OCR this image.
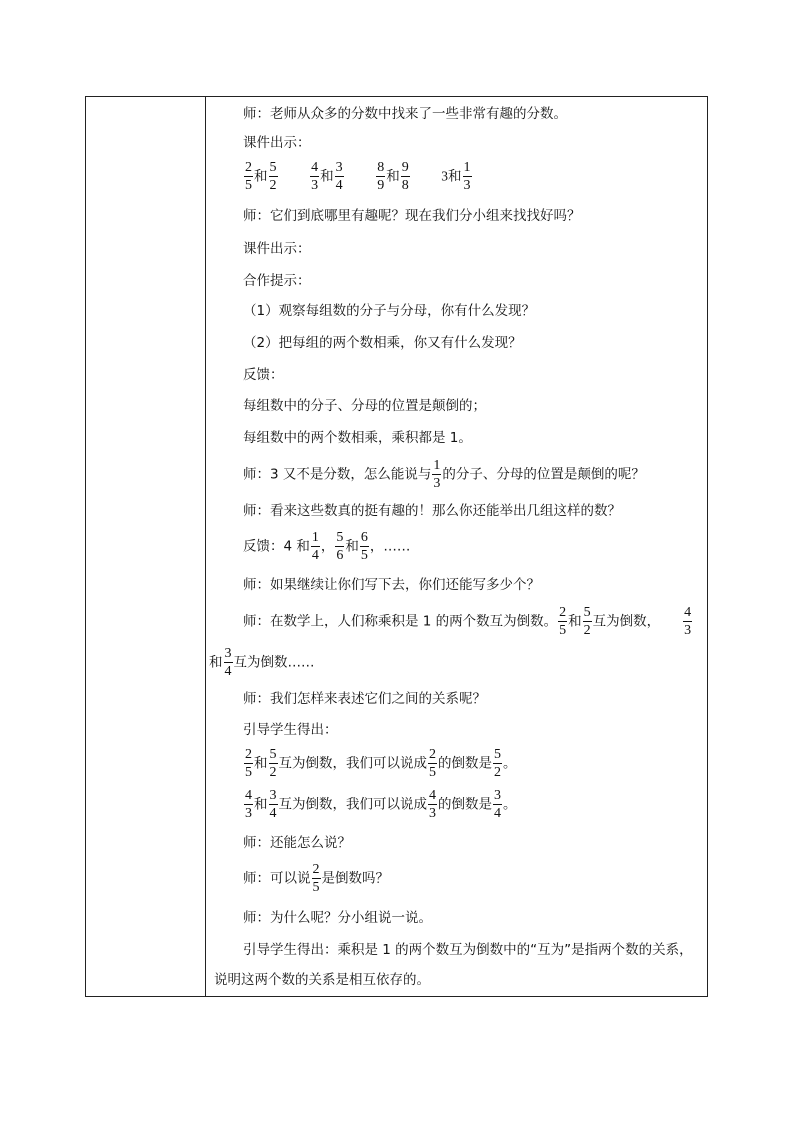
师：老师从众多的分数中找来了一些非常有趣的分数。
课件出示：
$\frac{2}{5}$ 和 $\frac{5}{2}$
$\frac{4}{3}$ 和 $\frac{3}{4}$
$\frac{8}{9}$ 和 $\frac{9}{8} 3$和 $\frac{1}{3}$
师：它们到底哪里有趣呢？现在我们分小组来找找好吗？
课件出示：
合作提示：
（1）观察每组数的分子与分母，你有什么发现？
（2）把每组的两个数相乘，你又有什么发现？
反馈：
每组数中的分子、分母的位置是颠倒的；
每组数中的两个数相乘，乘积都是 1。
师：3 又不是分数，怎么能说与 $\frac{1}{3}$ 的分子、分母的位置是颠倒的呢？
师：看来这些数真的挺有趣的！那么你还能举出几组这样的数？
反馈：4 和 $\frac{1}{4}$ ， $\frac{5}{6}$ 和 $\frac{6}{5}$ ，……
师：如果继续让你们写下去，你们还能写多少个？
师：在数学上，人们称乘积是 1 的两个数互为倒数。 $\frac{2}{5}$ 和 $\frac{5}{2}$ 互为倒数， $\frac{4}{3}$
和 $\frac{3}{4}$ 互为倒数……
师：我们怎样来表述它们之间的关系呢？
引导学生得出：
$\frac{2}{5}$ 和 $\frac{5}{2}$ 互为倒数，我们可以说成 $\frac{2}{5}$ 的倒数是 $\frac{5}{2}$ 。
$\frac{4}{3}$ 和 $\frac{3}{4}$ 互为倒数，我们可以说成 $\frac{4}{3}$ 的倒数是 $\frac{3}{4}$ 。
师：还能怎么说？
师：可以说 $\frac{2}{5}$ 是倒数吗？
师：为什么呢？分小组说一说。
引导学生得出：乘积是 1 的两个数互为倒数中的“互为”是指两个数的关系，
说明这两个数的关系是相互依存的。
